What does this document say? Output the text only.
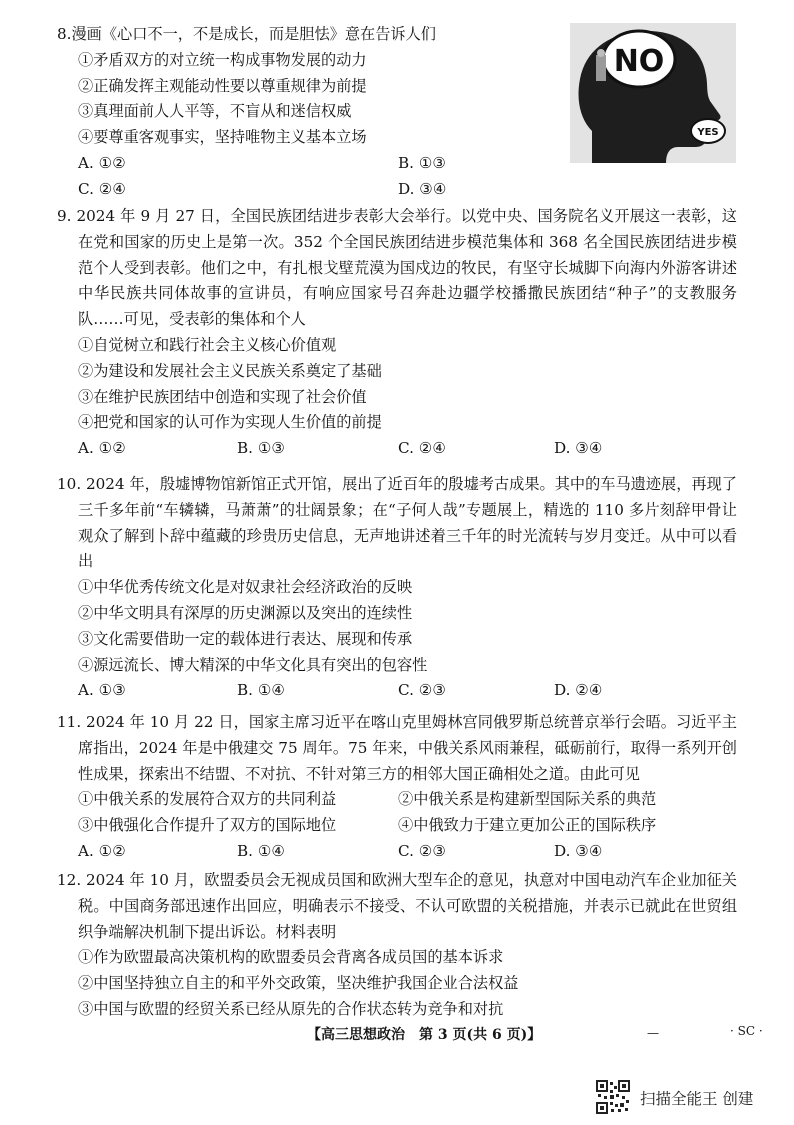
8.漫画《心口不一，不是成长，而是胆怯》意在告诉人们

①矛盾双方的对立统一构成事物发展的动力

②正确发挥主观能动性要以尊重规律为前提

③真理面前人人平等，不盲从和迷信权威

④要尊重客观事实，坚持唯物主义基本立场

A. ①②	B. ①③
C. ②④	D. ③④
NO
YES

9. 2024 年 9 月 27 日，全国民族团结进步表彰大会举行。以党中央、国务院名义开展这一表彰，这在党和国家的历史上是第一次。352 个全国民族团结进步模范集体和 368 名全国民族团结进步模范个人受到表彰。他们之中，有扎根戈壁荒漠为国戍边的牧民，有坚守长城脚下向海内外游客讲述中华民族共同体故事的宣讲员，有响应国家号召奔赴边疆学校播撒民族团结“种子”的支教服务队……可见，受表彰的集体和个人

①自觉树立和践行社会主义核心价值观

②为建设和发展社会主义民族关系奠定了基础

③在维护民族团结中创造和实现了社会价值

④把党和国家的认可作为实现人生价值的前提

A. ①②	B. ①③	C. ②④	D. ③④

10. 2024 年，殷墟博物馆新馆正式开馆，展出了近百年的殷墟考古成果。其中的车马遗迹展，再现了三千多年前“车辚辚，马萧萧”的壮阔景象；在“子何人哉”专题展上，精选的 110 多片刻辞甲骨让观众了解到卜辞中蕴藏的珍贵历史信息，无声地讲述着三千年的时光流转与岁月变迁。从中可以看出

①中华优秀传统文化是对奴隶社会经济政治的反映

②中华文明具有深厚的历史渊源以及突出的连续性

③文化需要借助一定的载体进行表达、展现和传承

④源远流长、博大精深的中华文化具有突出的包容性

A. ①③	B. ①④	C. ②③	D. ②④

11. 2024 年 10 月 22 日，国家主席习近平在喀山克里姆林宫同俄罗斯总统普京举行会晤。习近平主席指出，2024 年是中俄建交 75 周年。75 年来，中俄关系风雨兼程，砥砺前行，取得一系列开创性成果，探索出不结盟、不对抗、不针对第三方的相邻大国正确相处之道。由此可见

①中俄关系的发展符合双方的共同利益	②中俄关系是构建新型国际关系的典范
③中俄强化合作提升了双方的国际地位	④中俄致力于建立更加公正的国际秩序
A. ①②	B. ①④	C. ②③	D. ③④

12. 2024 年 10 月，欧盟委员会无视成员国和欧洲大型车企的意见，执意对中国电动汽车企业加征关税。中国商务部迅速作出回应，明确表示不接受、不认可欧盟的关税措施，并表示已就此在世贸组织争端解决机制下提出诉讼。材料表明

①作为欧盟最高决策机构的欧盟委员会背离各成员国的基本诉求

②中国坚持独立自主的和平外交政策，坚决维护我国企业合法权益

③中国与欧盟的经贸关系已经从原先的合作状态转为竞争和对抗

【高三思想政治　第 3 页(共 6 页)】	—	· SC ·
扫描全能王 创建
